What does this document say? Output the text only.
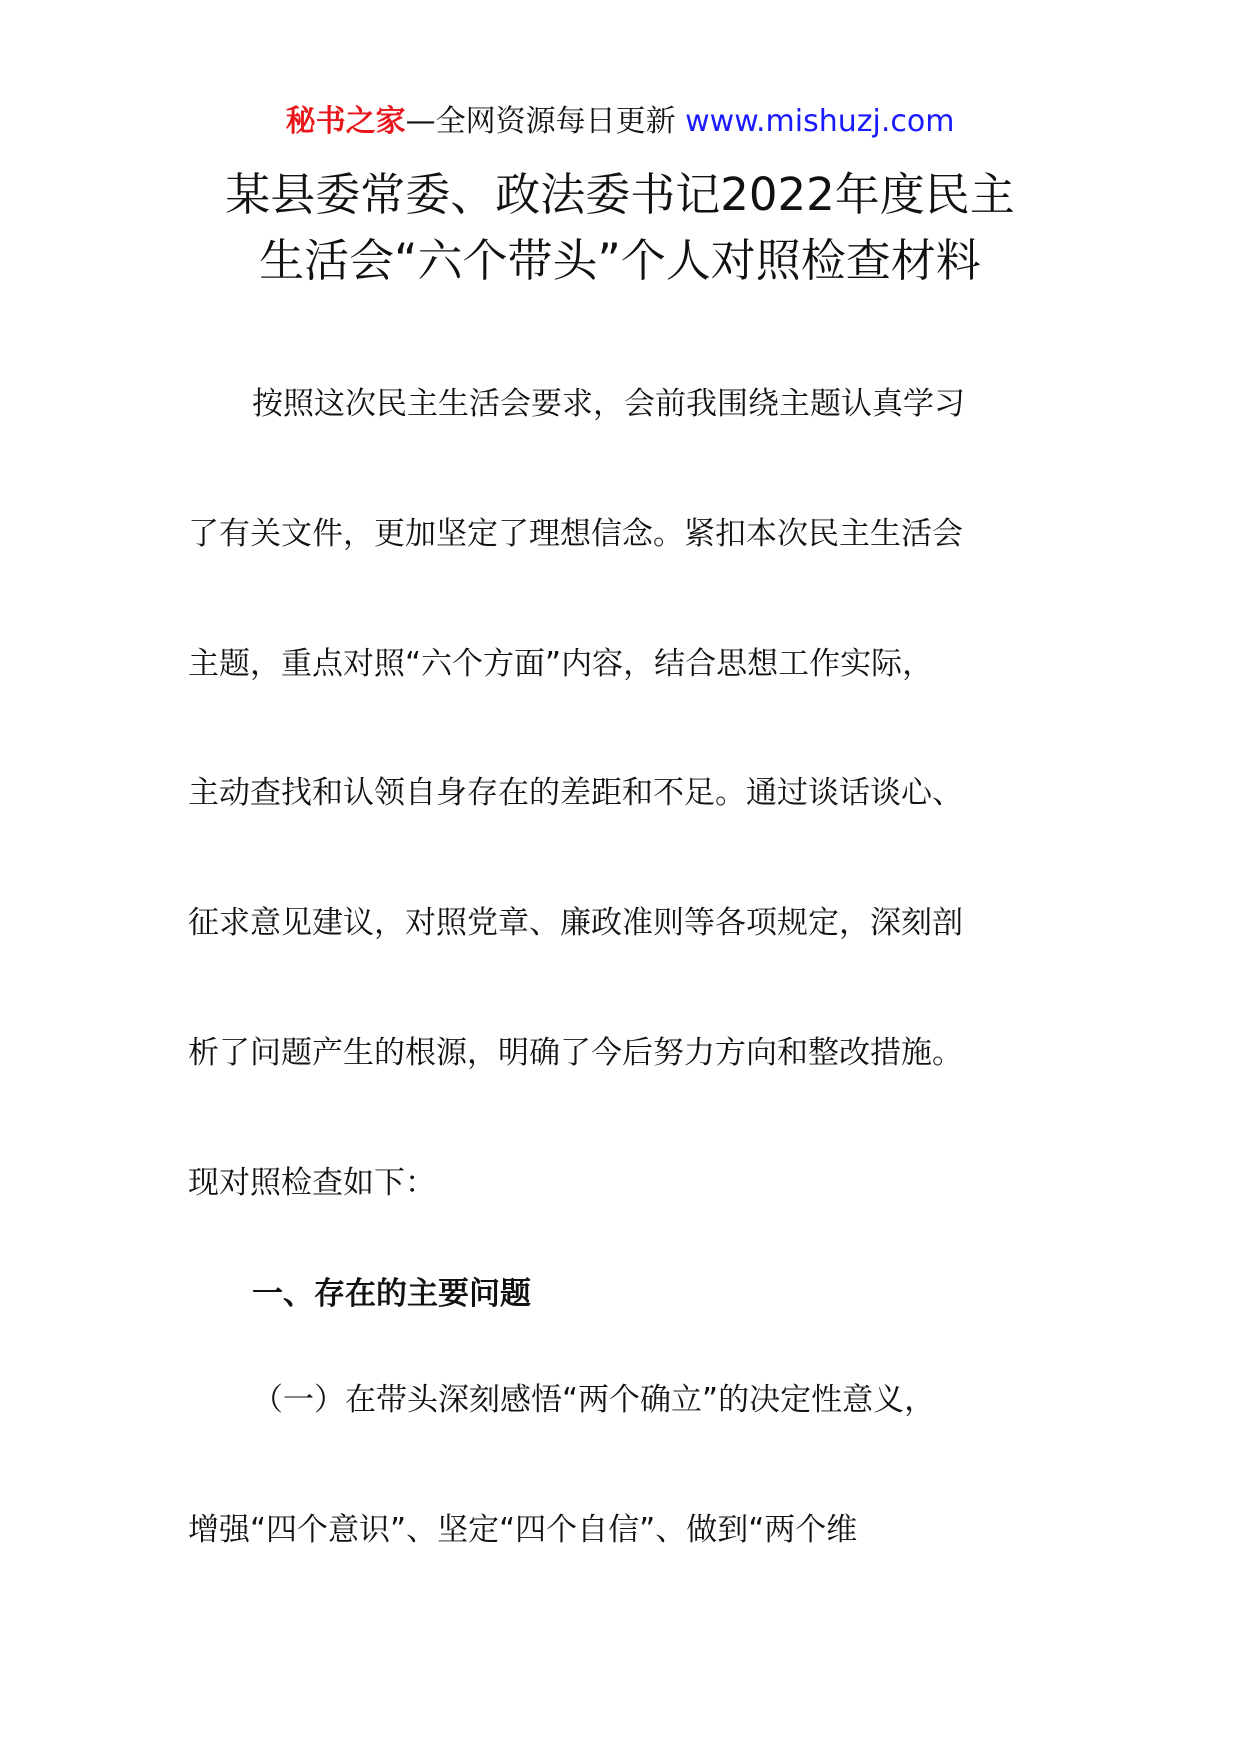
秘书之家—全网资源每日更新 www.mishuzj.com
某县委常委、政法委书记2022年度民主
生活会“六个带头”个人对照检查材料
按照这次民主生活会要求，会前我围绕主题认真学习
了有关文件，更加坚定了理想信念。紧扣本次民主生活会
主题，重点对照“六个方面”内容，结合思想工作实际，
主动查找和认领自身存在的差距和不足。通过谈话谈心、
征求意见建议，对照党章、廉政准则等各项规定，深刻剖
析了问题产生的根源，明确了今后努力方向和整改措施。
现对照检查如下：
一、存在的主要问题
（一）在带头深刻感悟“两个确立”的决定性意义，
增强“四个意识”、坚定“四个自信”、做到“两个维
